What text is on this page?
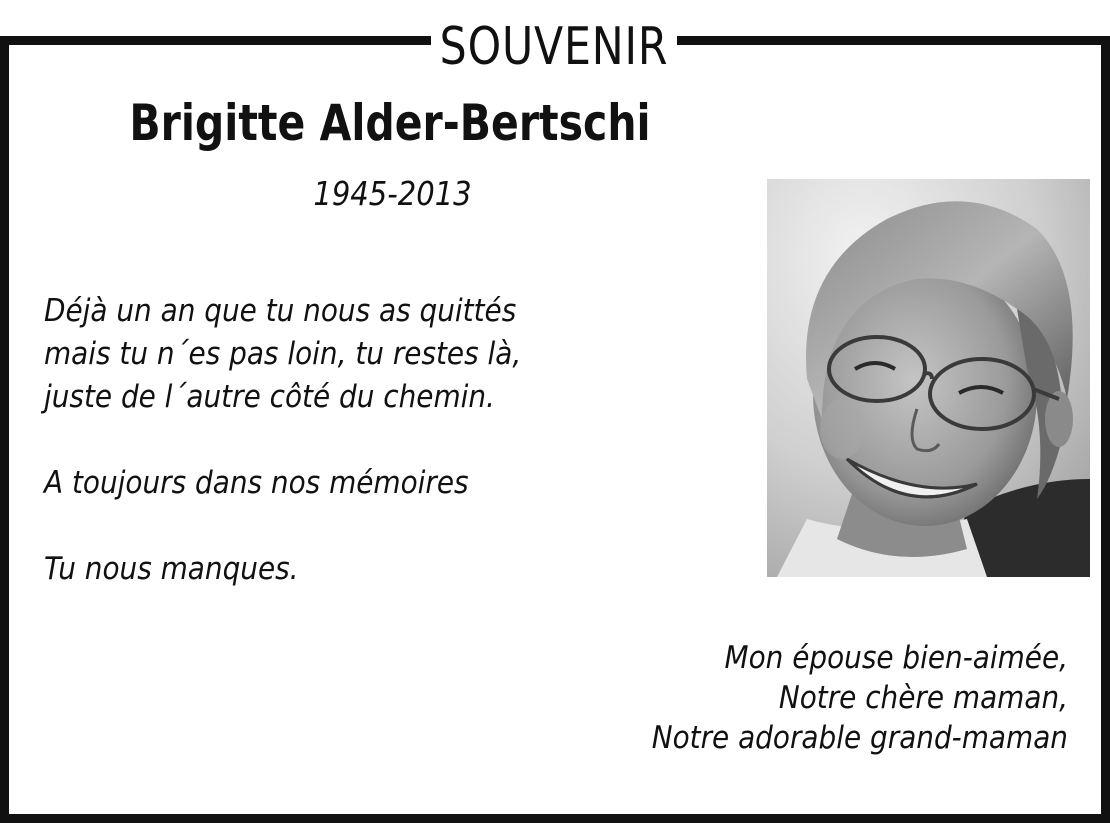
SOUVENIR
Brigitte Alder-Bertschi
1945-2013
Déjà un an que tu nous as quittés
mais tu n´es pas loin, tu restes là,
juste de l´autre côté du chemin.
A toujours dans nos mémoires
Tu nous manques.
Mon épouse bien-aimée,
Notre chère maman,
Notre adorable grand-maman
